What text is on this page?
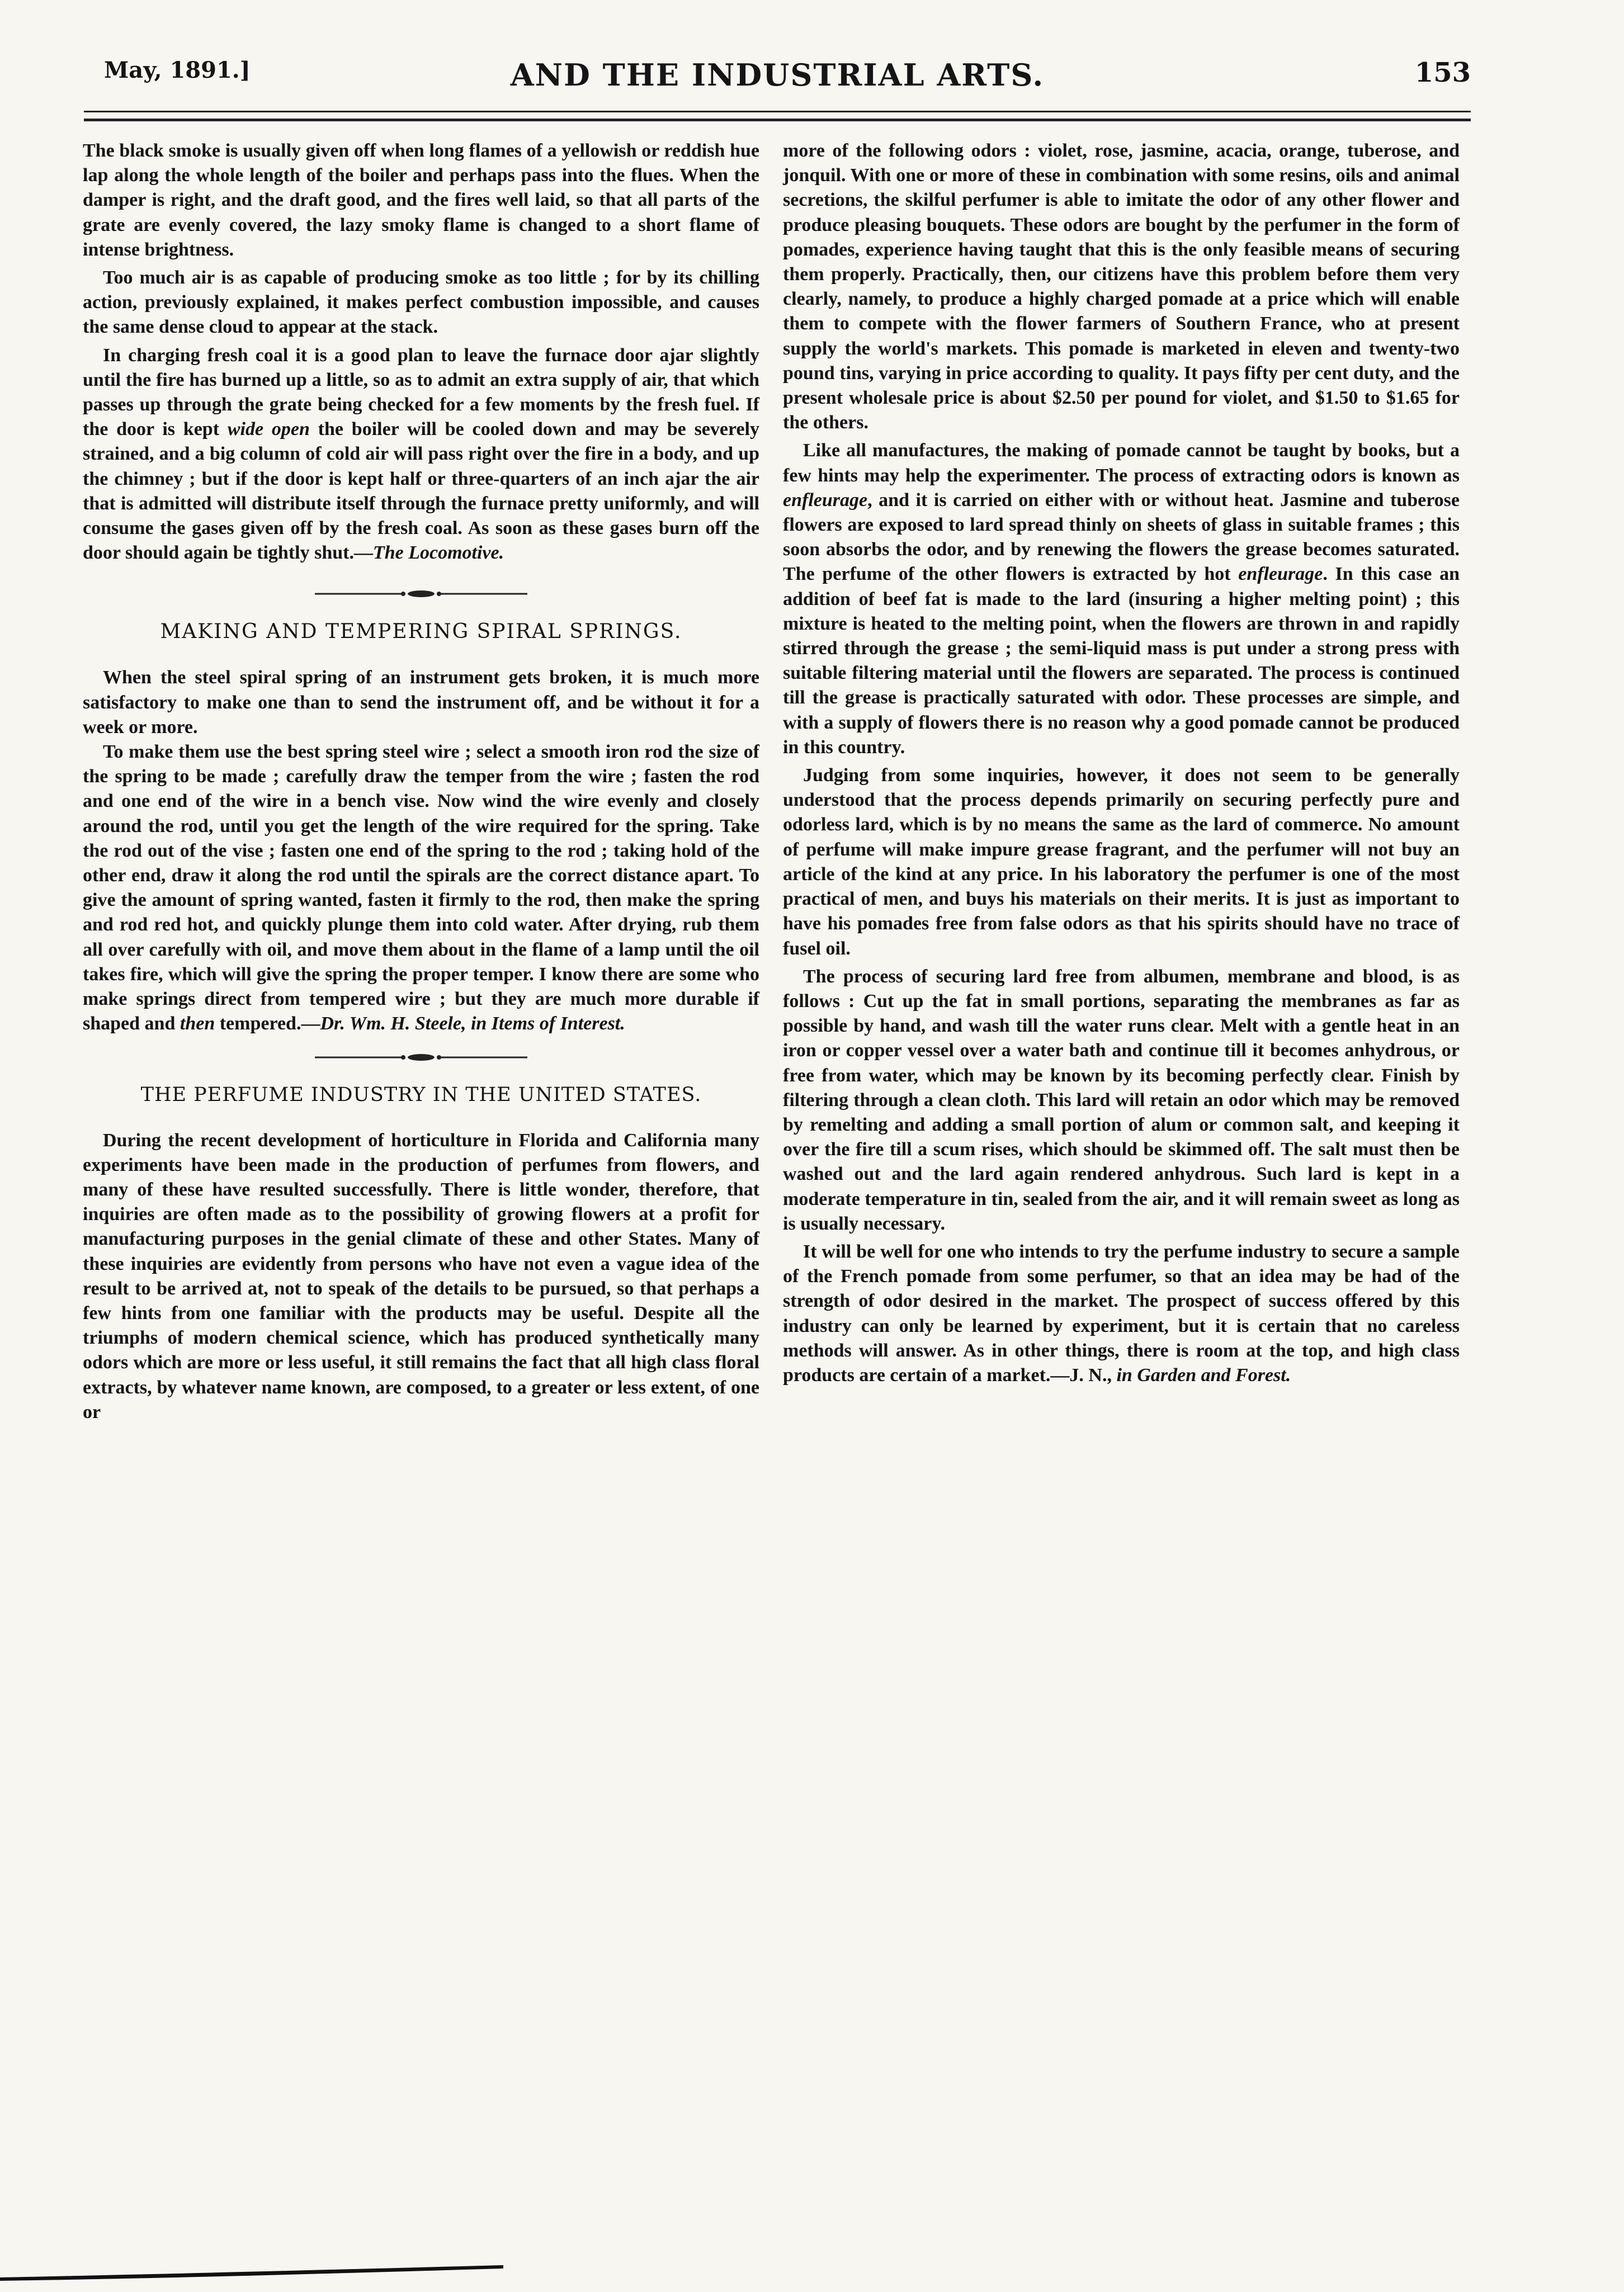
May, 1891.]	AND THE INDUSTRIAL ARTS.	153

The black smoke is usually given off when long flames of a yellowish or reddish hue lap along the whole length of the boiler and perhaps pass into the flues. When the damper is right, and the draft good, and the fires well laid, so that all parts of the grate are evenly covered, the lazy smoky flame is changed to a short flame of intense brightness.

Too much air is as capable of producing smoke as too little ; for by its chilling action, previously explained, it makes perfect combustion impossible, and causes the same dense cloud to appear at the stack.

In charging fresh coal it is a good plan to leave the furnace door ajar slightly until the fire has burned up a little, so as to admit an extra supply of air, that which passes up through the grate being checked for a few moments by the fresh fuel. If the door is kept wide open the boiler will be cooled down and may be severely strained, and a big column of cold air will pass right over the fire in a body, and up the chimney ; but if the door is kept half or three-quarters of an inch ajar the air that is admitted will distribute itself through the furnace pretty uniformly, and will consume the gases given off by the fresh coal. As soon as these gases burn off the door should again be tightly shut.—The Locomotive.

MAKING AND TEMPERING SPIRAL SPRINGS.

When the steel spiral spring of an instrument gets broken, it is much more satisfactory to make one than to send the instrument off, and be without it for a week or more.

To make them use the best spring steel wire ; select a smooth iron rod the size of the spring to be made ; carefully draw the temper from the wire ; fasten the rod and one end of the wire in a bench vise. Now wind the wire evenly and closely around the rod, until you get the length of the wire required for the spring. Take the rod out of the vise ; fasten one end of the spring to the rod ; taking hold of the other end, draw it along the rod until the spirals are the correct distance apart. To give the amount of spring wanted, fasten it firmly to the rod, then make the spring and rod red hot, and quickly plunge them into cold water. After drying, rub them all over carefully with oil, and move them about in the flame of a lamp until the oil takes fire, which will give the spring the proper temper. I know there are some who make springs direct from tempered wire ; but they are much more durable if shaped and then tempered.—Dr. Wm. H. Steele, in Items of Interest.

THE PERFUME INDUSTRY IN THE UNITED STATES.

During the recent development of horticulture in Florida and California many experiments have been made in the production of perfumes from flowers, and many of these have resulted successfully. There is little wonder, therefore, that inquiries are often made as to the possibility of growing flowers at a profit for manufacturing purposes in the genial climate of these and other States. Many of these inquiries are evidently from persons who have not even a vague idea of the result to be arrived at, not to speak of the details to be pursued, so that perhaps a few hints from one familiar with the products may be useful. Despite all the triumphs of modern chemical science, which has produced synthetically many odors which are more or less useful, it still remains the fact that all high class floral extracts, by whatever name known, are composed, to a greater or less extent, of one or

more of the following odors : violet, rose, jasmine, acacia, orange, tuberose, and jonquil. With one or more of these in combination with some resins, oils and animal secretions, the skilful perfumer is able to imitate the odor of any other flower and produce pleasing bouquets. These odors are bought by the perfumer in the form of pomades, experience having taught that this is the only feasible means of securing them properly. Practically, then, our citizens have this problem before them very clearly, namely, to produce a highly charged pomade at a price which will enable them to compete with the flower farmers of Southern France, who at present supply the world's markets. This pomade is marketed in eleven and twenty-two pound tins, varying in price according to quality. It pays fifty per cent duty, and the present wholesale price is about $2.50 per pound for violet, and $1.50 to $1.65 for the others.

Like all manufactures, the making of pomade cannot be taught by books, but a few hints may help the experimenter. The process of extracting odors is known as enfleurage, and it is carried on either with or without heat. Jasmine and tuberose flowers are exposed to lard spread thinly on sheets of glass in suitable frames ; this soon absorbs the odor, and by renewing the flowers the grease becomes saturated. The perfume of the other flowers is extracted by hot enfleurage. In this case an addition of beef fat is made to the lard (insuring a higher melting point) ; this mixture is heated to the melting point, when the flowers are thrown in and rapidly stirred through the grease ; the semi-liquid mass is put under a strong press with suitable filtering material until the flowers are separated. The process is continued till the grease is practically saturated with odor. These processes are simple, and with a supply of flowers there is no reason why a good pomade cannot be produced in this country.

Judging from some inquiries, however, it does not seem to be generally understood that the process depends primarily on securing perfectly pure and odorless lard, which is by no means the same as the lard of commerce. No amount of perfume will make impure grease fragrant, and the perfumer will not buy an article of the kind at any price. In his laboratory the perfumer is one of the most practical of men, and buys his materials on their merits. It is just as important to have his pomades free from false odors as that his spirits should have no trace of fusel oil.

The process of securing lard free from albumen, membrane and blood, is as follows : Cut up the fat in small portions, separating the membranes as far as possible by hand, and wash till the water runs clear. Melt with a gentle heat in an iron or copper vessel over a water bath and continue till it becomes anhydrous, or free from water, which may be known by its becoming perfectly clear. Finish by filtering through a clean cloth. This lard will retain an odor which may be removed by remelting and adding a small portion of alum or common salt, and keeping it over the fire till a scum rises, which should be skimmed off. The salt must then be washed out and the lard again rendered anhydrous. Such lard is kept in a moderate temperature in tin, sealed from the air, and it will remain sweet as long as is usually necessary.

It will be well for one who intends to try the perfume industry to secure a sample of the French pomade from some perfumer, so that an idea may be had of the strength of odor desired in the market. The prospect of success offered by this industry can only be learned by experiment, but it is certain that no careless methods will answer. As in other things, there is room at the top, and high class products are certain of a market.—J. N., in Garden and Forest.
